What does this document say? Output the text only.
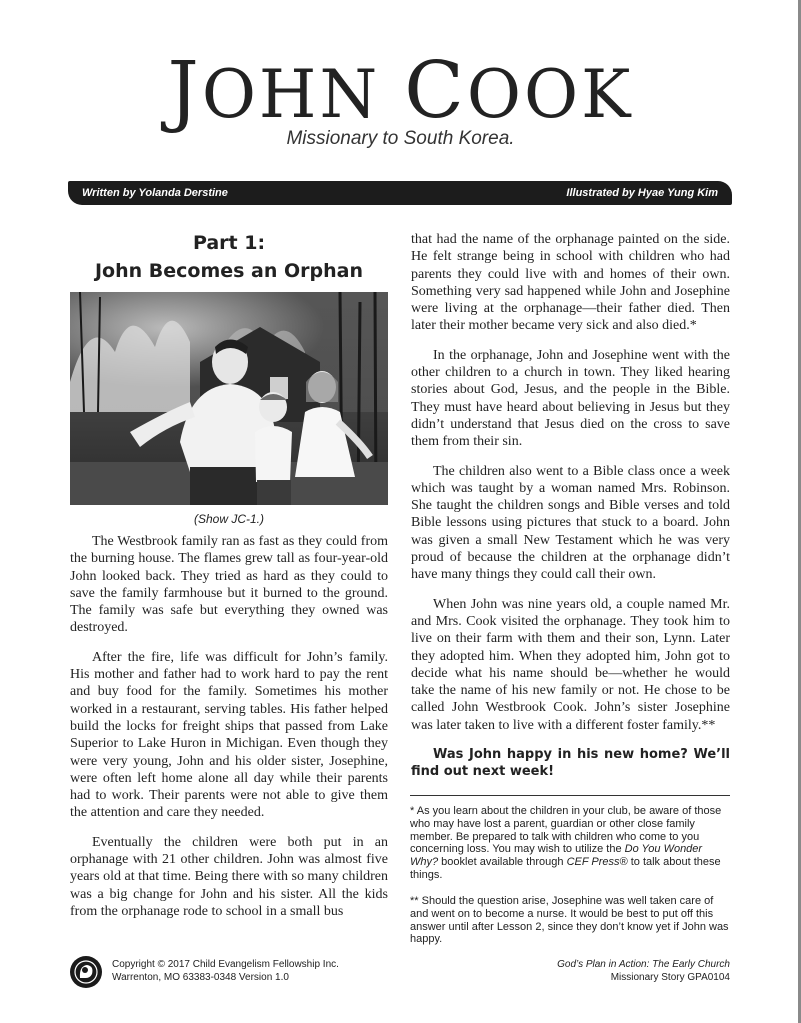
JOHN COOK
Missionary to South Korea.
Written by Yolanda Derstine	Illustrated by Hyae Yung Kim
Part 1:
John Becomes an Orphan
(Show JC-1.)

The Westbrook family ran as fast as they could from the burning house. The flames grew tall as four-year-old John looked back. They tried as hard as they could to save the family farmhouse but it burned to the ground. The family was safe but everything they owned was destroyed.

After the fire, life was difficult for John’s family. His mother and father had to work hard to pay the rent and buy food for the family. Sometimes his mother worked in a restaurant, serving tables. His father helped build the locks for freight ships that passed from Lake Superior to Lake Huron in Michigan. Even though they were very young, John and his older sister, Josephine, were often left home alone all day while their parents had to work. Their parents were not able to give them the attention and care they needed.

Eventually the children were both put in an orphanage with 21 other children. John was almost five years old at that time. Being there with so many children was a big change for John and his sister. All the kids from the orphanage rode to school in a small bus

that had the name of the orphanage painted on the side. He felt strange being in school with children who had parents they could live with and homes of their own. Something very sad happened while John and Josephine were living at the orphanage—their father died. Then later their mother became very sick and also died.*

In the orphanage, John and Josephine went with the other children to a church in town. They liked hearing stories about God, Jesus, and the people in the Bible. They must have heard about believing in Jesus but they didn’t understand that Jesus died on the cross to save them from their sin.

The children also went to a Bible class once a week which was taught by a woman named Mrs. Robinson. She taught the children songs and Bible verses and told Bible lessons using pictures that stuck to a board. John was given a small New Testament which he was very proud of because the children at the orphanage didn’t have many things they could call their own.

When John was nine years old, a couple named Mr. and Mrs. Cook visited the orphanage. They took him to live on their farm with them and their son, Lynn. Later they adopted him. When they adopted him, John got to decide what his name should be—whether he would take the name of his new family or not. He chose to be called John Westbrook Cook. John’s sister Josephine was later taken to live with a different foster family.**

Was John happy in his new home? We’ll find out next week!

* As you learn about the children in your club, be aware of those who may have lost a parent, guardian or other close family member. Be prepared to talk with children who come to you concerning loss. You may wish to utilize the Do You Wonder Why? booklet available through CEF Press® to talk about these things.
** Should the question arise, Josephine was well taken care of and went on to become a nurse. It would be best to put off this answer until after Lesson 2, since they don’t know yet if John was happy.
Copyright © 2017 Child Evangelism Fellowship Inc.
Warrenton, MO 63383-0348 Version 1.0
God’s Plan in Action: The Early Church
Missionary Story GPA0104
